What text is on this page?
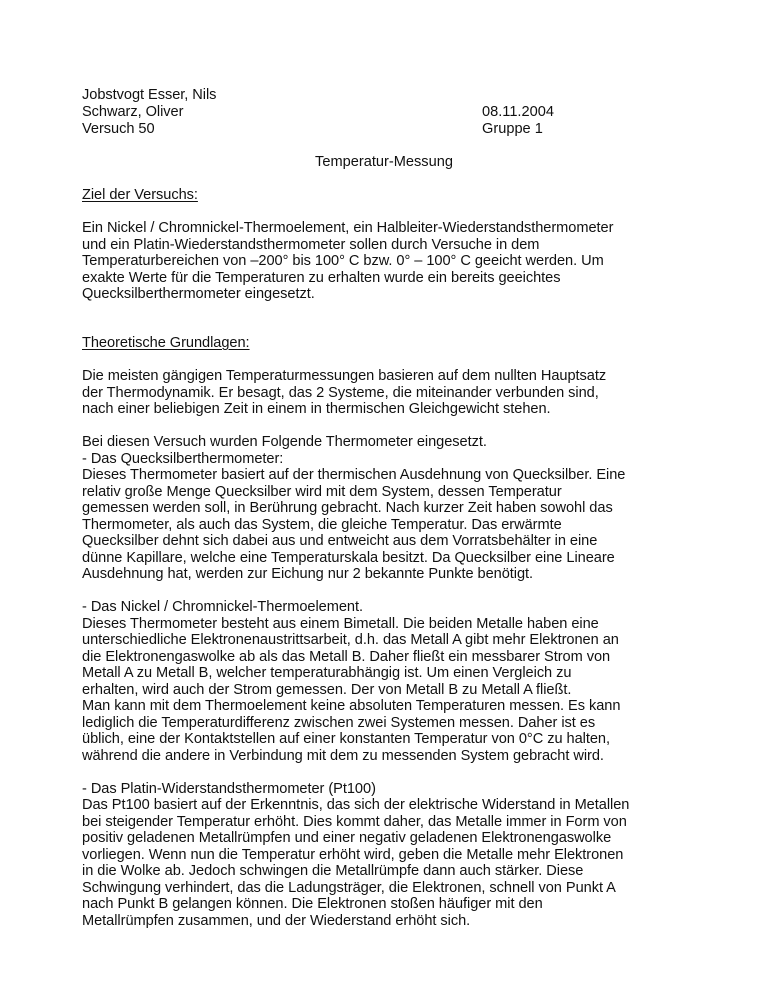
Jobstvogt Esser, Nils
Schwarz, Oliver
Versuch 50
08.11.2004
Gruppe 1
Temperatur-Messung
Ziel der Versuchs:
Ein Nickel / Chromnickel-Thermoelement, ein Halbleiter-Wiederstandsthermometer
und ein Platin-Wiederstandsthermometer sollen durch Versuche in dem
Temperaturbereichen von –200° bis 100° C bzw. 0° – 100° C geeicht werden. Um
exakte Werte für die Temperaturen zu erhalten wurde ein bereits geeichtes
Quecksilberthermometer eingesetzt.
Theoretische Grundlagen:
Die meisten gängigen Temperaturmessungen basieren auf dem nullten Hauptsatz
der Thermodynamik. Er besagt, das 2 Systeme, die miteinander verbunden sind,
nach einer beliebigen Zeit in einem in thermischen Gleichgewicht stehen.
Bei diesen Versuch wurden Folgende Thermometer eingesetzt.
- Das Quecksilberthermometer:
Dieses Thermometer basiert auf der thermischen Ausdehnung von Quecksilber. Eine
relativ große Menge Quecksilber wird mit dem System, dessen Temperatur
gemessen werden soll, in Berührung gebracht. Nach kurzer Zeit haben sowohl das
Thermometer, als auch das System, die gleiche Temperatur. Das erwärmte
Quecksilber dehnt sich dabei aus und entweicht aus dem Vorratsbehälter in eine
dünne Kapillare, welche eine Temperaturskala besitzt. Da Quecksilber eine Lineare
Ausdehnung hat, werden zur Eichung nur 2 bekannte Punkte benötigt.
- Das Nickel / Chromnickel-Thermoelement.
Dieses Thermometer besteht aus einem Bimetall. Die beiden Metalle haben eine
unterschiedliche Elektronenaustrittsarbeit, d.h. das Metall A gibt mehr Elektronen an
die Elektronengaswolke ab als das Metall B. Daher fließt ein messbarer Strom von
Metall A zu Metall B, welcher temperaturabhängig ist. Um einen Vergleich zu
erhalten, wird auch der Strom gemessen. Der von Metall B zu Metall A fließt.
Man kann mit dem Thermoelement keine absoluten Temperaturen messen. Es kann
lediglich die Temperaturdifferenz zwischen zwei Systemen messen. Daher ist es
üblich, eine der Kontaktstellen auf einer konstanten Temperatur von 0°C zu halten,
während die andere in Verbindung mit dem zu messenden System gebracht wird.
- Das Platin-Widerstandsthermometer (Pt100)
Das Pt100 basiert auf der Erkenntnis, das sich der elektrische Widerstand in Metallen
bei steigender Temperatur erhöht. Dies kommt daher, das Metalle immer in Form von
positiv geladenen Metallrümpfen und einer negativ geladenen Elektronengaswolke
vorliegen. Wenn nun die Temperatur erhöht wird, geben die Metalle mehr Elektronen
in die Wolke ab. Jedoch schwingen die Metallrümpfe dann auch stärker. Diese
Schwingung verhindert, das die Ladungsträger, die Elektronen, schnell von Punkt A
nach Punkt B gelangen können. Die Elektronen stoßen häufiger mit den
Metallrümpfen zusammen, und der Wiederstand erhöht sich.
